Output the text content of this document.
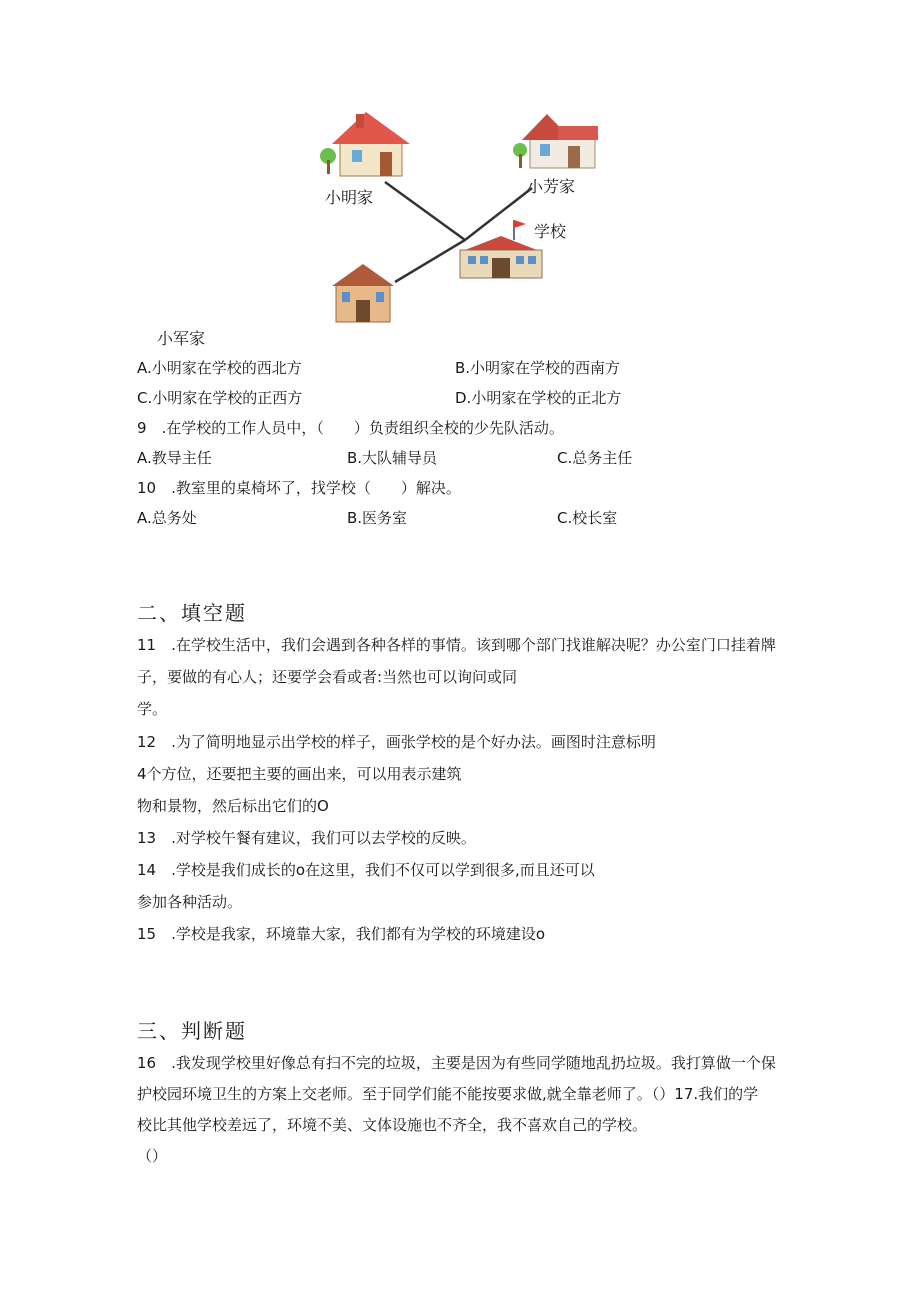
小明家
小芳家
学校
小军家
A.小明家在学校的西北方	B.小明家在学校的西南方
C.小明家在学校的正西方	D.小明家在学校的正北方
9　.在学校的工作人员中，（　　）负责组织全校的少先队活动。
A.教导主任	B.大队辅导员	C.总务主任
10　.教室里的桌椅坏了，找学校（　　）解决。
A.总务处	B.医务室	C.校长室
二、填空题
11　.在学校生活中，我们会遇到各种各样的事情。该到哪个部门找谁解决呢？办公室门口挂着牌
子，要做的有心人；还要学会看或者:当然也可以询问或同
学。
12　.为了简明地显示出学校的样子，画张学校的是个好办法。画图时注意标明
4个方位，还要把主要的画出来，可以用表示建筑
物和景物，然后标出它们的O
13　.对学校午餐有建议，我们可以去学校的反映。
14　.学校是我们成长的o在这里，我们不仅可以学到很多,而且还可以
参加各种活动。
15　.学校是我家，环境靠大家，我们都有为学校的环境建设o
三、判断题
16　.我发现学校里好像总有扫不完的垃圾，主要是因为有些同学随地乱扔垃圾。我打算做一个保
护校园环境卫生的方案上交老师。至于同学们能不能按要求做,就全靠老师了。（）17.我们的学
校比其他学校差远了，环境不美、文体设施也不齐全，我不喜欢自己的学校。
（）
